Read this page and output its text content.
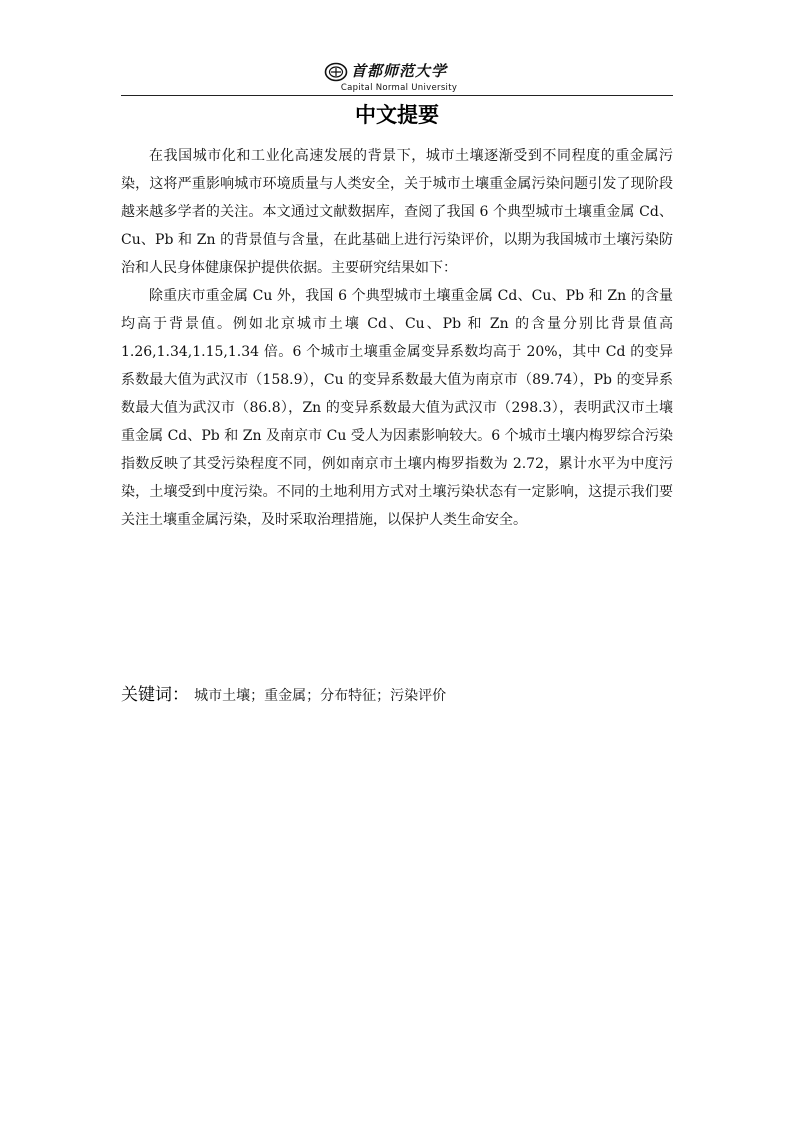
首都师范大学
Capital Normal University
中文提要

在我国城市化和工业化高速发展的背景下，城市土壤逐渐受到不同程度的重金属污染，这将严重影响城市环境质量与人类安全，关于城市土壤重金属污染问题引发了现阶段越来越多学者的关注。本文通过文献数据库，查阅了我国 6 个典型城市土壤重金属 Cd、Cu、Pb 和 Zn 的背景值与含量，在此基础上进行污染评价，以期为我国城市土壤污染防治和人民身体健康保护提供依据。主要研究结果如下：

除重庆市重金属 Cu 外，我国 6 个典型城市土壤重金属 Cd、Cu、Pb 和 Zn 的含量均高于背景值。例如北京城市土壤 Cd、Cu、Pb 和 Zn 的含量分别比背景值高 1.26,1.34,1.15,1.34 倍。6 个城市土壤重金属变异系数均高于 20%，其中 Cd 的变异系数最大值为武汉市（158.9），Cu 的变异系数最大值为南京市（89.74），Pb 的变异系数最大值为武汉市（86.8），Zn 的变异系数最大值为武汉市（298.3），表明武汉市土壤重金属 Cd、Pb 和 Zn 及南京市 Cu 受人为因素影响较大。6 个城市土壤内梅罗综合污染指数反映了其受污染程度不同，例如南京市土壤内梅罗指数为 2.72，累计水平为中度污染，土壤受到中度污染。不同的土地利用方式对土壤污染状态有一定影响，这提示我们要关注土壤重金属污染，及时采取治理措施，以保护人类生命安全。

关键词： 城市土壤；重金属；分布特征；污染评价
